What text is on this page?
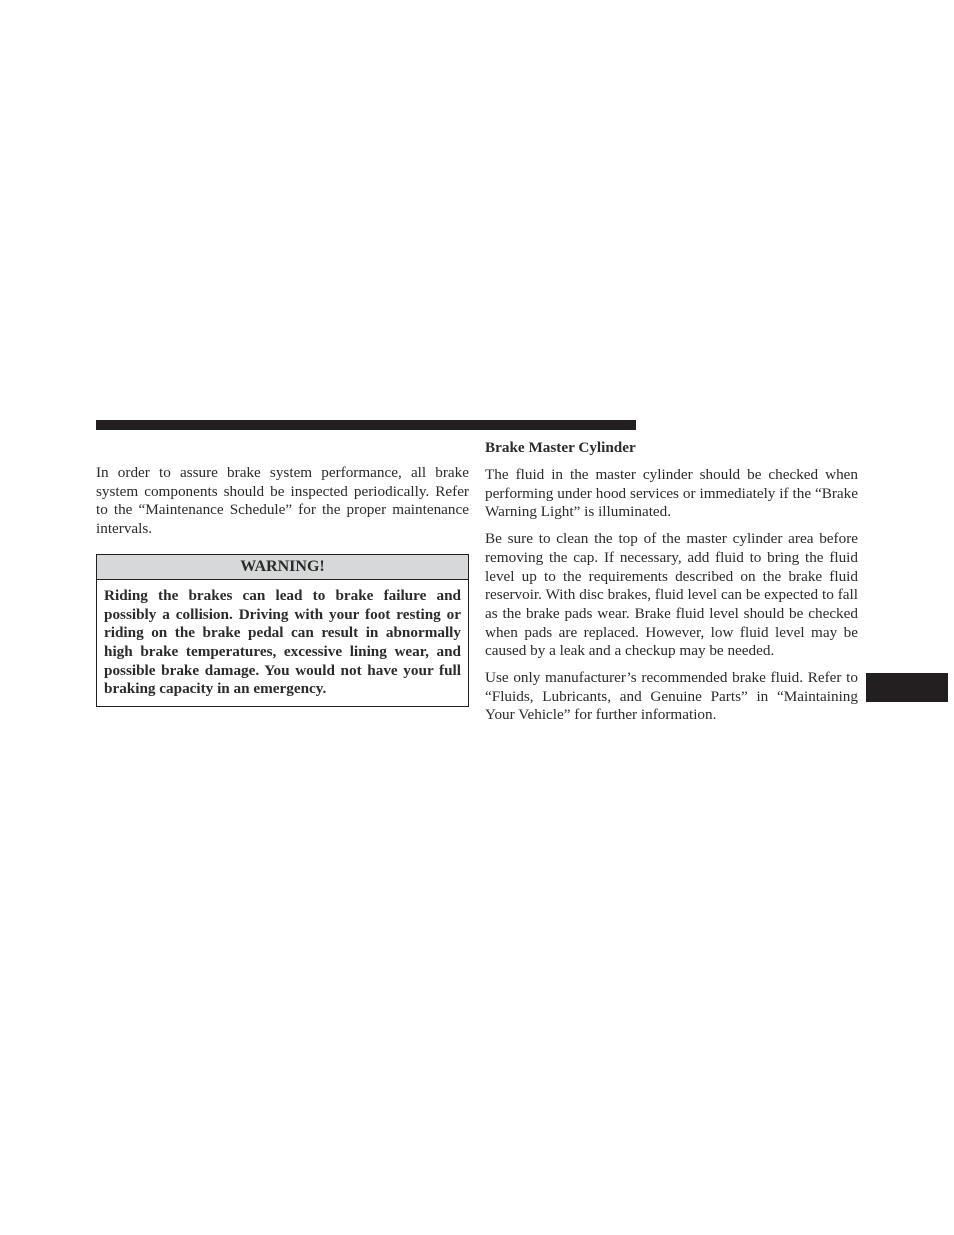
In order to assure brake system performance, all brake system components should be inspected periodically. Refer to the “Maintenance Schedule” for the proper maintenance intervals.

WARNING!
Riding the brakes can lead to brake failure and possibly a collision. Driving with your foot resting or riding on the brake pedal can result in abnormally high brake temperatures, excessive lining wear, and possible brake damage. You would not have your full braking capacity in an emergency.
Brake Master Cylinder

The fluid in the master cylinder should be checked when performing under hood services or immediately if the “Brake Warning Light” is illuminated.

Be sure to clean the top of the master cylinder area before removing the cap. If necessary, add fluid to bring the fluid level up to the requirements described on the brake fluid reservoir. With disc brakes, fluid level can be expected to fall as the brake pads wear. Brake fluid level should be checked when pads are replaced. However, low fluid level may be caused by a leak and a checkup may be needed.

Use only manufacturer’s recommended brake fluid. Refer to “Fluids, Lubricants, and Genuine Parts” in “Maintaining Your Vehicle” for further information.
